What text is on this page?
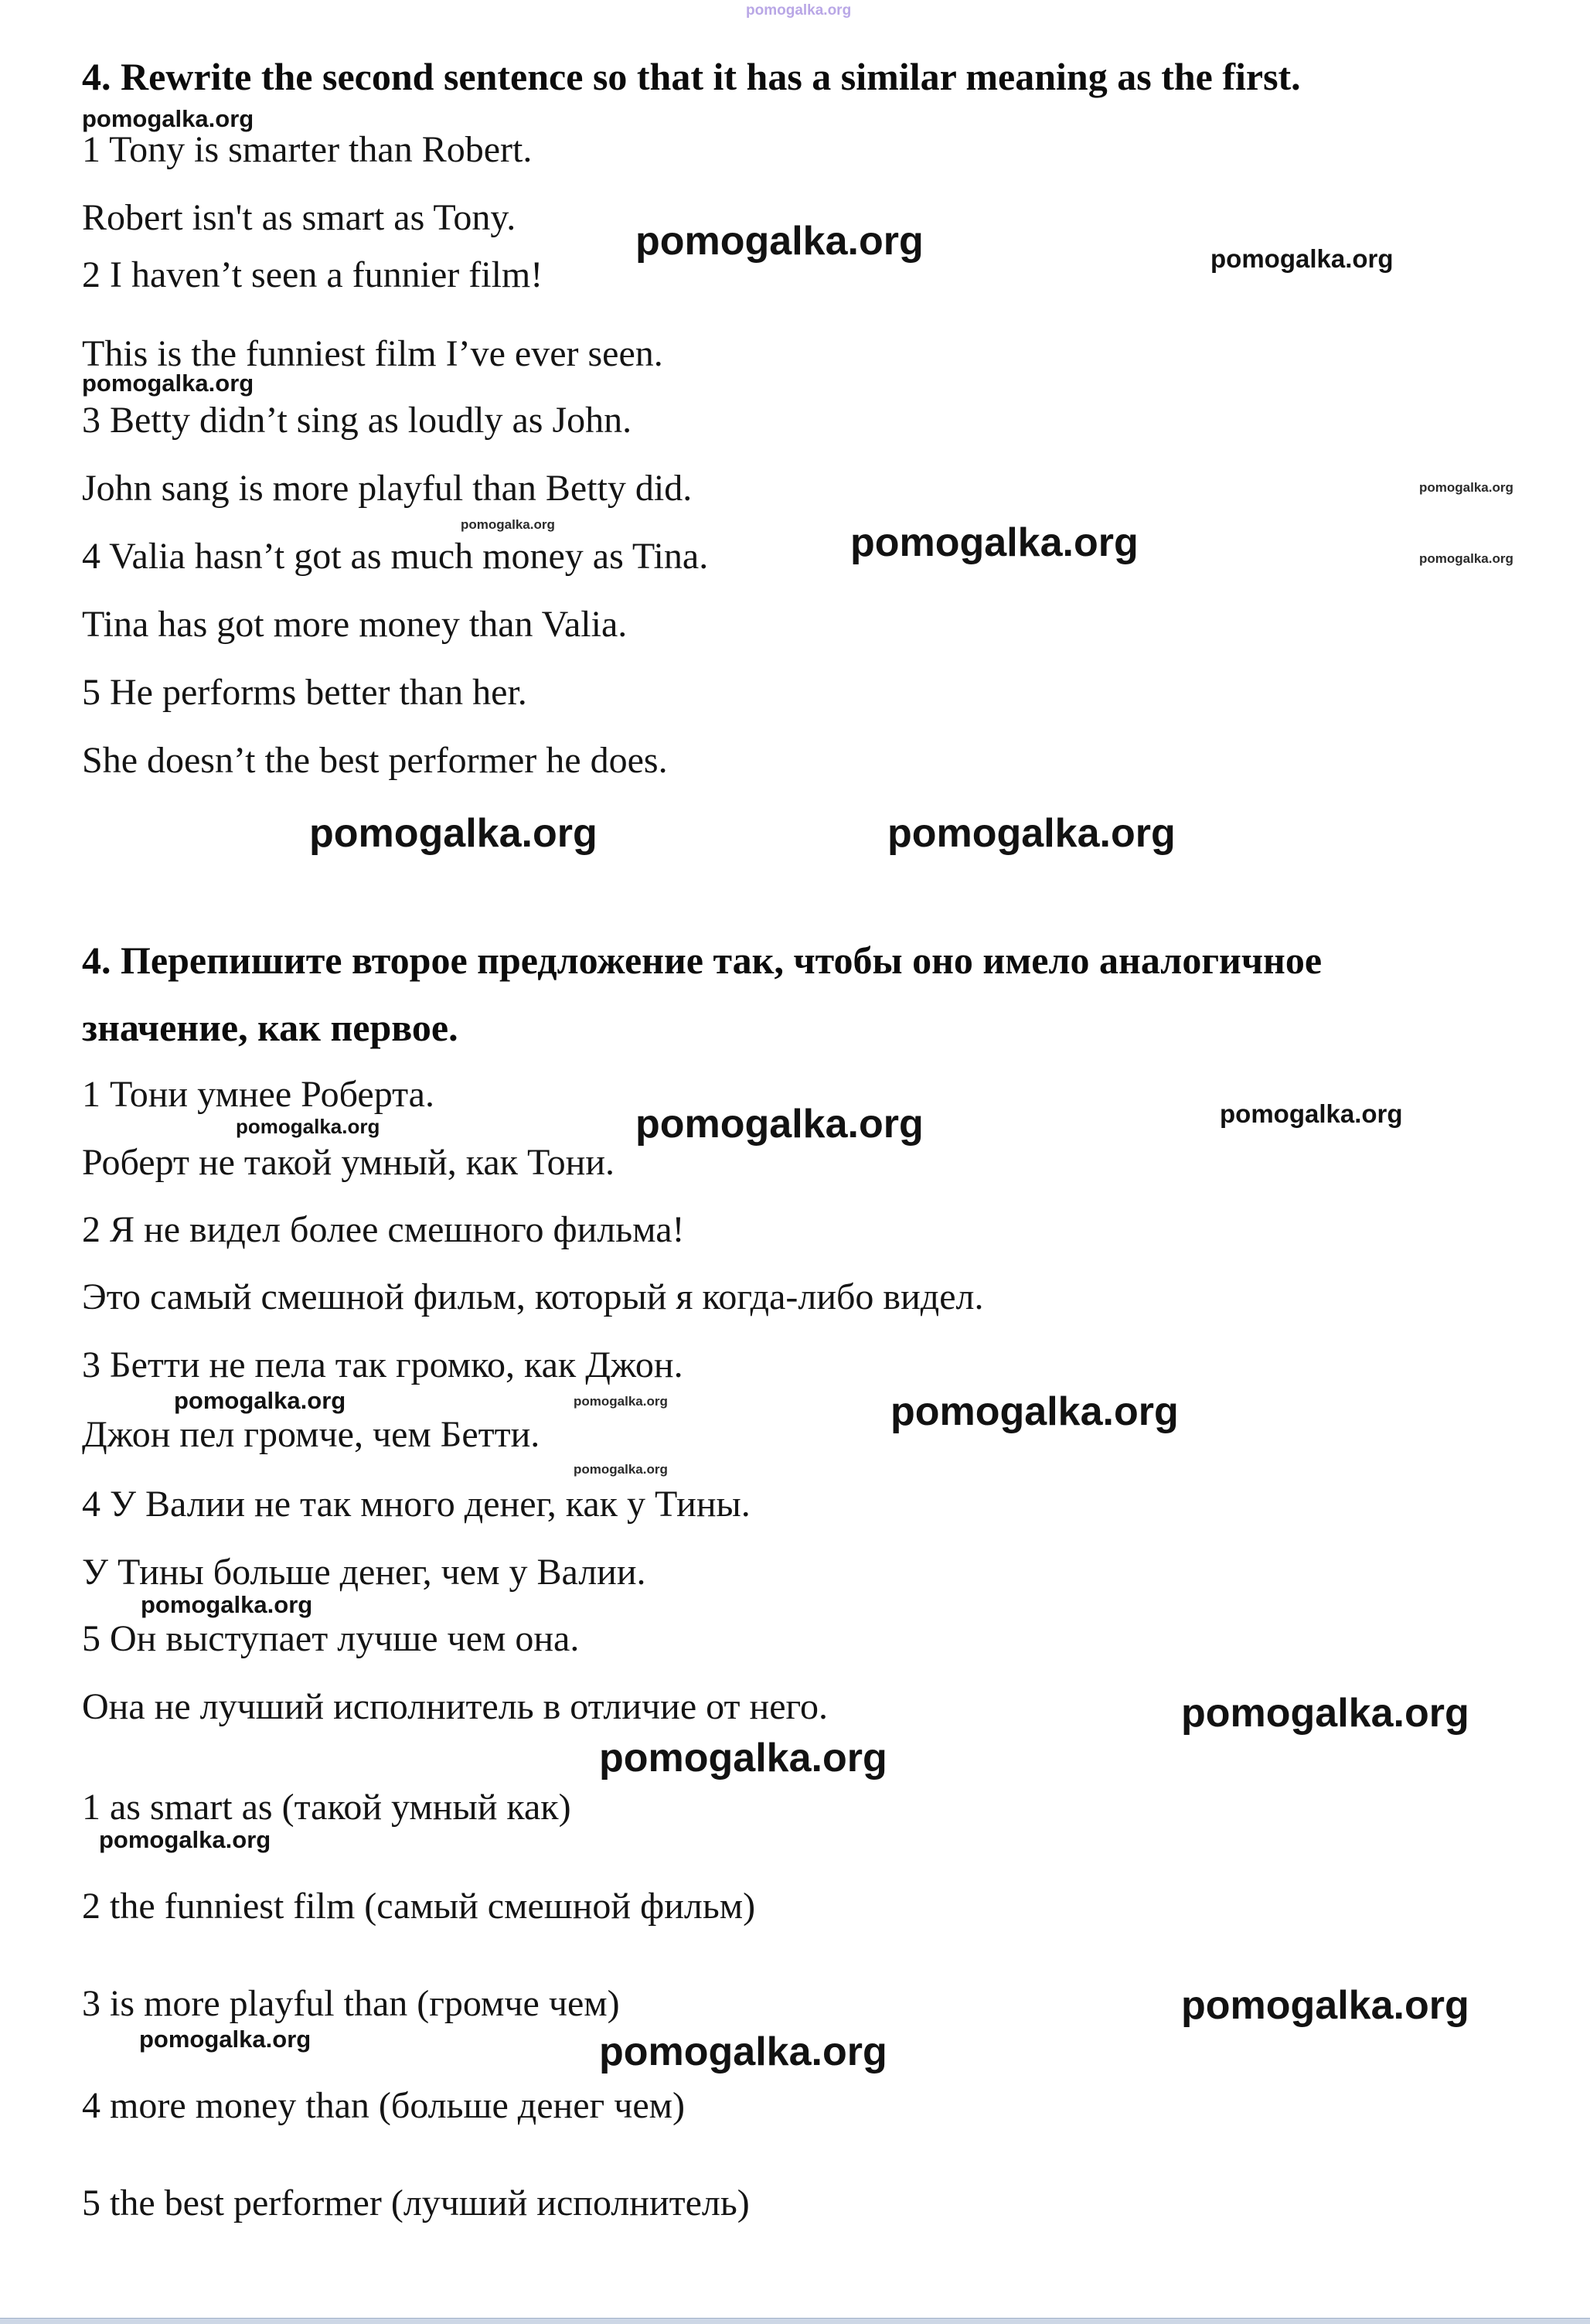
pomogalka.org
4. Rewrite the second sentence so that it has a similar meaning as the first.
pomogalka.org
1 Tony is smarter than Robert.
Robert isn't as smart as Tony.
pomogalka.org	pomogalka.org
2 I haven’t seen a funnier film!
This is the funniest film I’ve ever seen.
pomogalka.org
3 Betty didn’t sing as loudly as John.
John sang is more playful than Betty did.	pomogalka.org
pomogalka.org	pomogalka.org	pomogalka.org
4 Valia hasn’t got as much money as Tina.
Tina has got more money than Valia.
5 He performs better than her.
She doesn’t the best performer he does.
pomogalka.org	pomogalka.org
4. Перепишите второе предложение так, чтобы оно имело аналогичное
значение, как первое.
1 Тони умнее Роберта.
pomogalka.org	pomogalka.org	pomogalka.org
Роберт не такой умный, как Тони.
2 Я не видел более смешного фильма!
Это самый смешной фильм, который я когда-либо видел.
3 Бетти не пела так громко, как Джон.
pomogalka.org	pomogalka.org	pomogalka.org
Джон пел громче, чем Бетти.
pomogalka.org
4 У Валии не так много денег, как у Тины.
У Тины больше денег, чем у Валии.
pomogalka.org
5 Он выступает лучше чем она.
Она не лучший исполнитель в отличие от него.	pomogalka.org
pomogalka.org
1 as smart as (такой умный как)
pomogalka.org
2 the funniest film (самый смешной фильм)
3 is more playful than (громче чем)	pomogalka.org
pomogalka.org	pomogalka.org
4 more money than (больше денег чем)
5 the best performer (лучший исполнитель)
